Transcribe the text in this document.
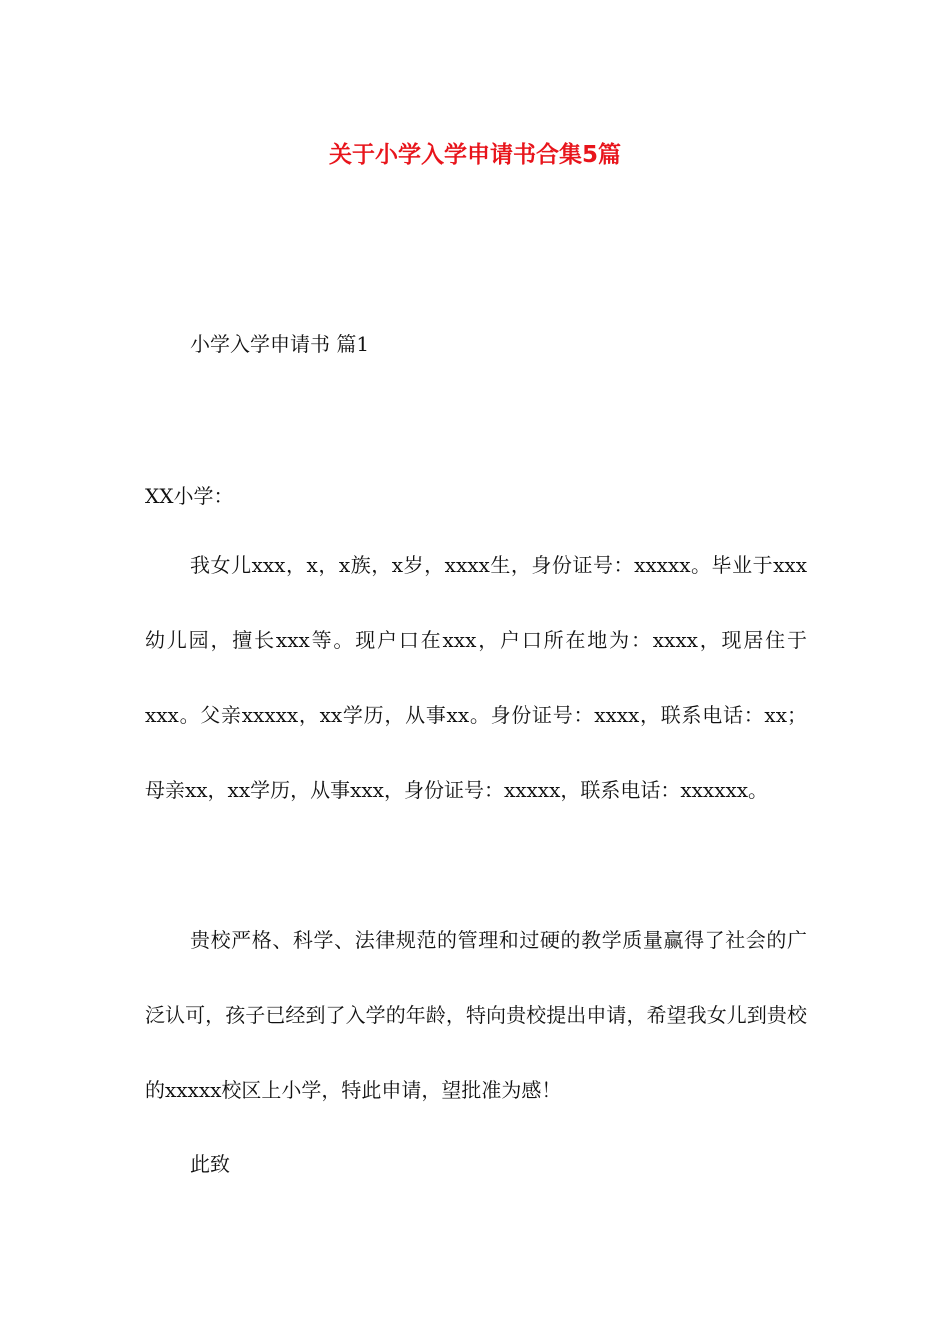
关于小学入学申请书合集5篇
小学入学申请书 篇1
XX小学：

我女儿xxx，x，x族，x岁，xxxx生，身份证号：xxxxx。毕业于xxx幼儿园，擅长xxx等。现户口在xxx，户口所在地为：xxxx，现居住于xxx。父亲xxxxx，xx学历，从事xx。身份证号：xxxx，联系电话：xx；母亲xx，xx学历，从事xxx，身份证号：xxxxx，联系电话：xxxxxx。

贵校严格、科学、法律规范的管理和过硬的教学质量赢得了社会的广泛认可，孩子已经到了入学的年龄，特向贵校提出申请，希望我女儿到贵校的xxxxx校区上小学，特此申请，望批准为感！

此致
